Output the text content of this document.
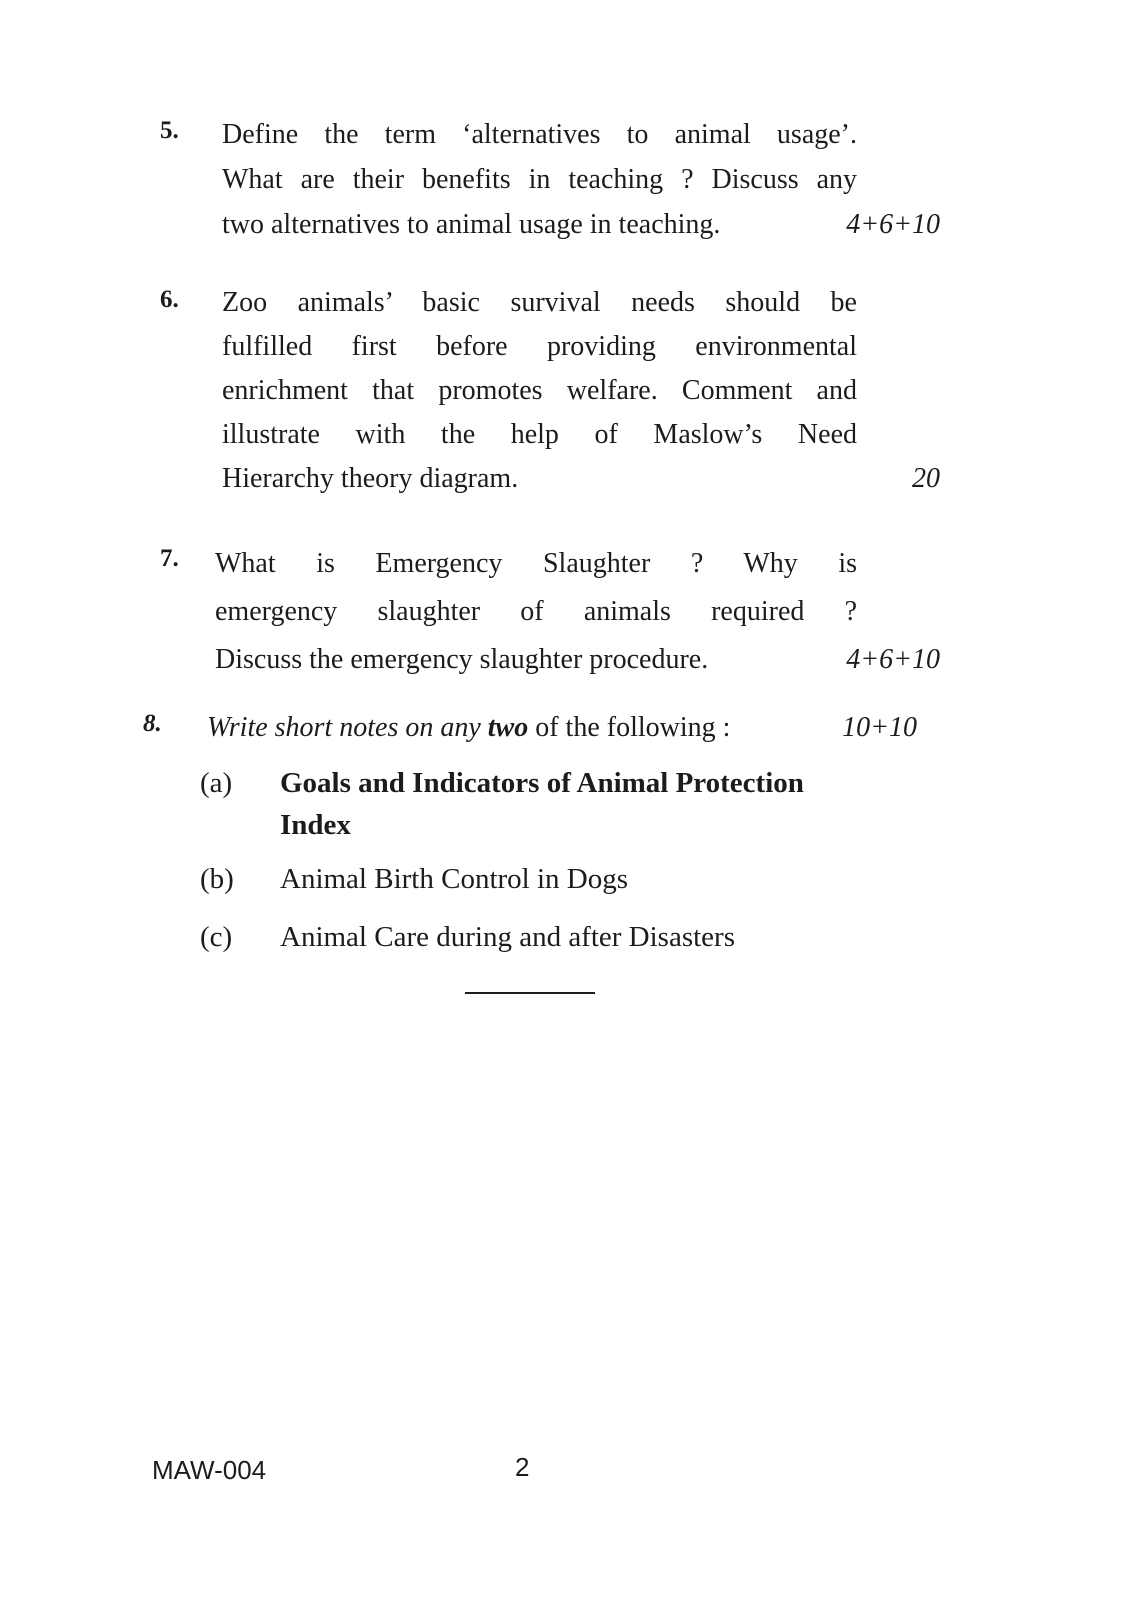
5. Define the term ‘alternatives to animal usage’.
What are their benefits in teaching ? Discuss any
two alternatives to animal usage in teaching.	4+6+10
6. Zoo animals’ basic survival needs should be
fulfilled first before providing environmental
enrichment that promotes welfare. Comment and
illustrate with the help of Maslow’s Need
Hierarchy theory diagram.	20
7. What is Emergency Slaughter ? Why is
emergency slaughter of animals required ?
Discuss the emergency slaughter procedure.	4+6+10
8. Write short notes on any two of the following :	10+10
(a) Goals and Indicators of Animal Protection Index
(b) Animal Birth Control in Dogs
(c) Animal Care during and after Disasters
MAW-004	2
